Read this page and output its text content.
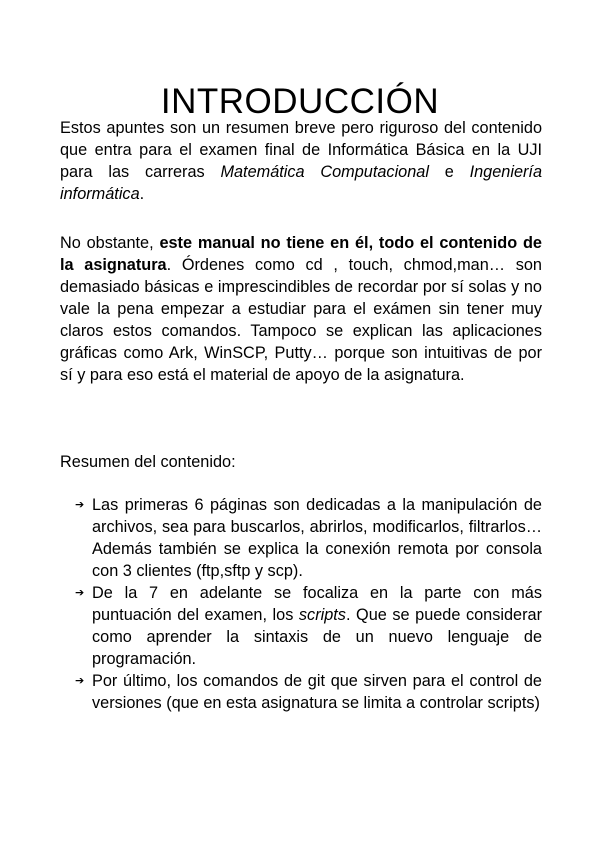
INTRODUCCIÓN

Estos apuntes son un resumen breve pero riguroso del contenido que entra para el examen final de Informática Básica en la UJI para las carreras Matemática Computacional e Ingeniería informática.

No obstante, este manual no tiene en él, todo el contenido de la asignatura. Órdenes como cd , touch, chmod,man… son demasiado básicas e imprescindibles de recordar por sí solas y no vale la pena empezar a estudiar para el exámen sin tener muy claros estos comandos. Tampoco se explican las aplicaciones gráficas como Ark, WinSCP, Putty… porque son intuitivas de por sí y para eso está el material de apoyo de la asignatura.

Resumen del contenido:

➔ Las primeras 6 páginas son dedicadas a la manipulación de archivos, sea para buscarlos, abrirlos, modificarlos, filtrarlos… Además también se explica la conexión remota por consola con 3 clientes (ftp,sftp y scp).
➔ De la 7 en adelante se focaliza en la parte con más puntuación del examen, los scripts. Que se puede considerar como aprender la sintaxis de un nuevo lenguaje de programación.
➔ Por último, los comandos de git que sirven para el control de versiones (que en esta asignatura se limita a controlar scripts)
